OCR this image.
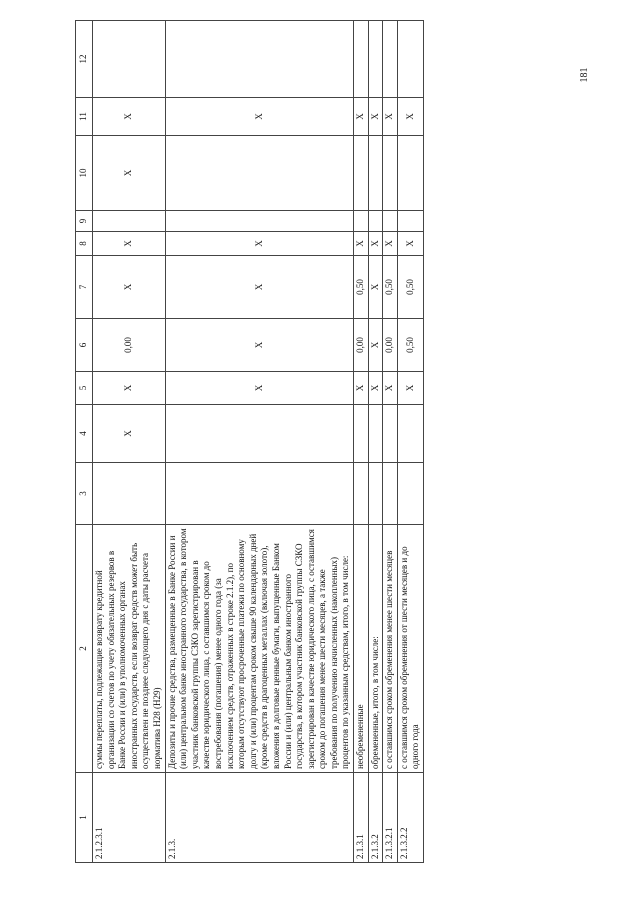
181
1	2	3	4	5	6	7	8	9	10	11	12
2.1.2.3.1	суммы переплаты, подлежащие возврату кредитной организации со счетов по учету обязательных резервов в Банке России и (или) в уполномоченных органах иностранных государств, если возврат средств может быть осуществлен не позднее следующего дня с даты расчета норматива Н28 (Н29)		X	X	0,00	X	X		X	X	
2.1.3.	Депозиты и прочие средства, размещенные в Банке России и (или) центральном банке иностранного государства, в котором участник банковской группы СЗКО зарегистрирован в качестве юридического лица, с оставшимся сроком до востребования (погашения) менее одного года (за исключением средств, отраженных в строке 2.1.2), по которым отсутствуют просроченные платежи по основному долгу и (или) процентам сроком свыше 90 календарных дней (кроме средств в драгоценных металлах (включая золото), вложения в долговые ценные бумаги, выпущенные Банком России и (или) центральным банком иностранного государства, в котором участник банковской группы СЗКО зарегистрирован в качестве юридического лица, с оставшимся сроком до погашения менее шести месяцев, а также требования по получению начисленных (накопленных) процентов по указанным средствам, итого, в том числе:			X	X	X	X			X	
2.1.3.1	необремененные			X	0,00	0,50	X			X	
2.1.3.2	обремененные, итого, в том числе:			X	X	X	X			X	
2.1.3.2.1	с оставшимся сроком обременения менее шести месяцев			X	0,00	0,50	X			X	
2.1.3.2.2	с оставшимся сроком обременения от шести месяцев и до одного года			X	0,50	0,50	X			X	
